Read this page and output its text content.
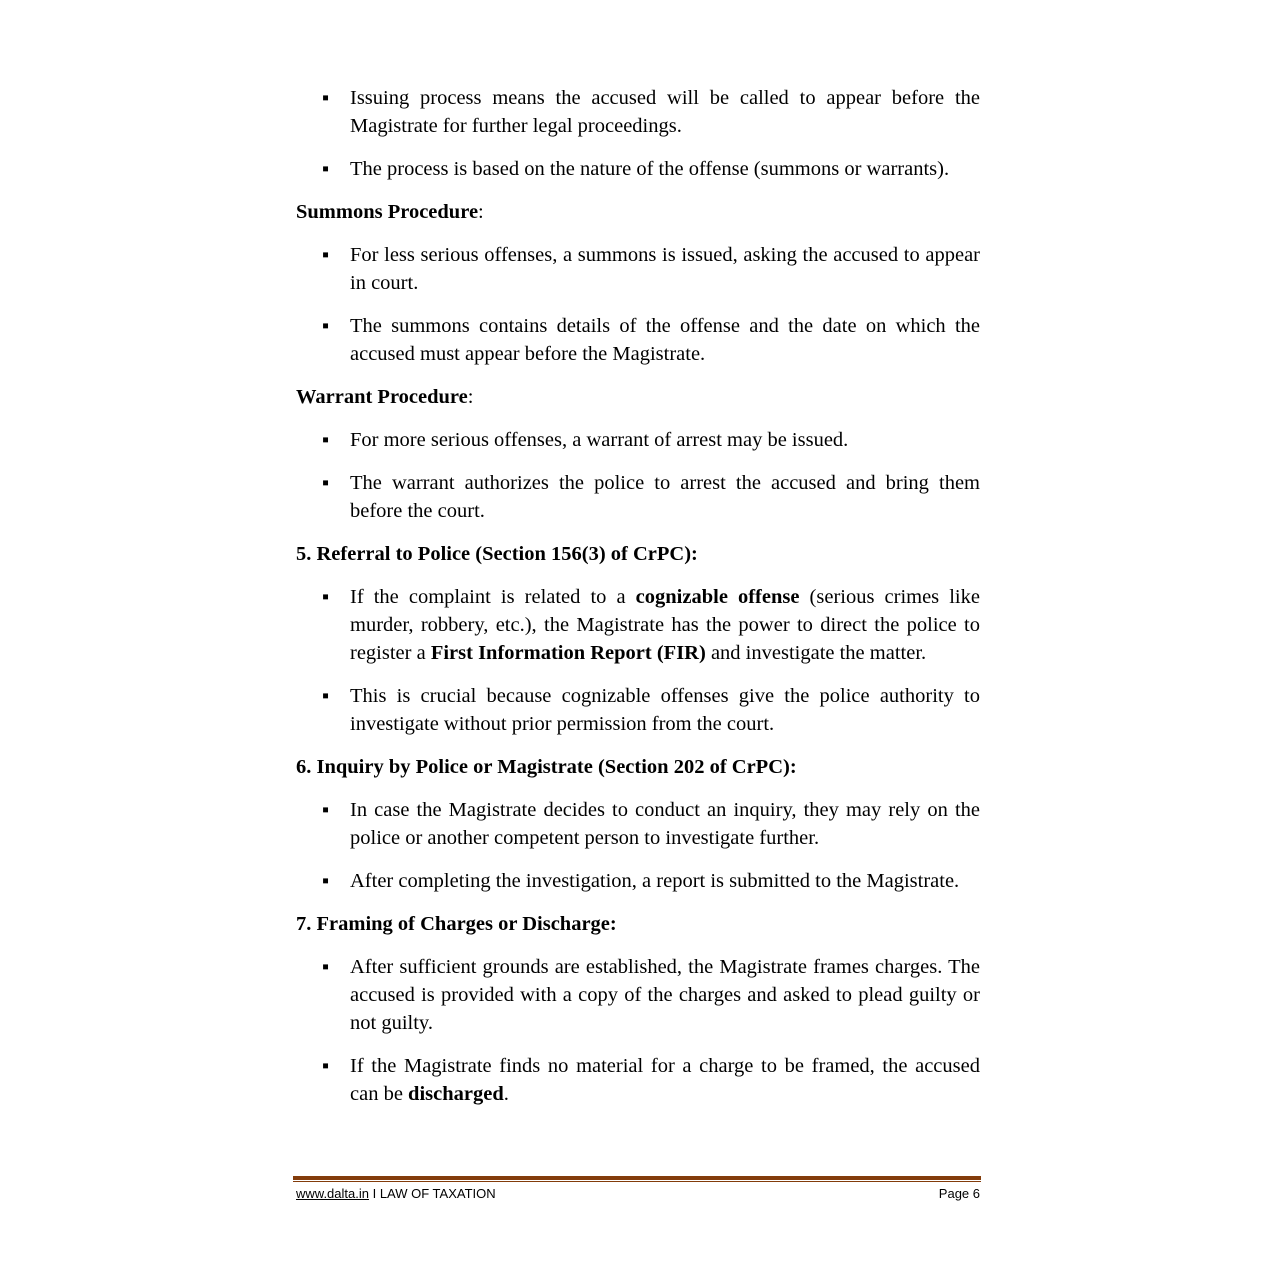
▪ Issuing process means the accused will be called to appear before the Magistrate for further legal proceedings.
▪ The process is based on the nature of the offense (summons or warrants).

Summons Procedure:

▪ For less serious offenses, a summons is issued, asking the accused to appear in court.
▪ The summons contains details of the offense and the date on which the accused must appear before the Magistrate.

Warrant Procedure:

▪ For more serious offenses, a warrant of arrest may be issued.
▪ The warrant authorizes the police to arrest the accused and bring them before the court.

5. Referral to Police (Section 156(3) of CrPC):

▪ If the complaint is related to a cognizable offense (serious crimes like murder, robbery, etc.), the Magistrate has the power to direct the police to register a First Information Report (FIR) and investigate the matter.
▪ This is crucial because cognizable offenses give the police authority to investigate without prior permission from the court.

6. Inquiry by Police or Magistrate (Section 202 of CrPC):

▪ In case the Magistrate decides to conduct an inquiry, they may rely on the police or another competent person to investigate further.
▪ After completing the investigation, a report is submitted to the Magistrate.

7. Framing of Charges or Discharge:

▪ After sufficient grounds are established, the Magistrate frames charges. The accused is provided with a copy of the charges and asked to plead guilty or not guilty.
▪ If the Magistrate finds no material for a charge to be framed, the accused can be discharged.
www.dalta.in I LAW OF TAXATION	Page 6
